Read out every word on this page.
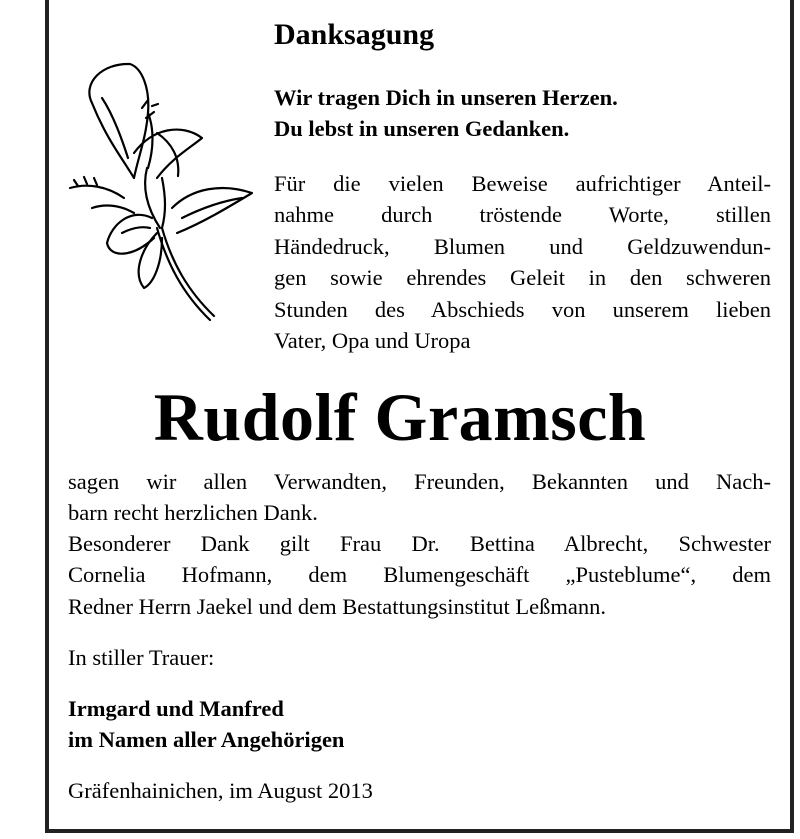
Danksagung
Wir tragen Dich in unseren Herzen.
Du lebst in unseren Gedanken.
Für die vielen Beweise aufrichtiger Anteil-
nahme durch tröstende Worte, stillen
Händedruck, Blumen und Geldzuwendun-
gen sowie ehrendes Geleit in den schweren
Stunden des Abschieds von unserem lieben
Vater, Opa und Uropa
Rudolf Gramsch
sagen wir allen Verwandten, Freunden, Bekannten und Nach-
barn recht herzlichen Dank.
Besonderer Dank gilt Frau Dr. Bettina Albrecht, Schwester
Cornelia Hofmann, dem Blumengeschäft „Pusteblume“, dem
Redner Herrn Jaekel und dem Bestattungsinstitut Leßmann.
In stiller Trauer:
Irmgard und Manfred
im Namen aller Angehörigen
Gräfenhainichen, im August 2013
